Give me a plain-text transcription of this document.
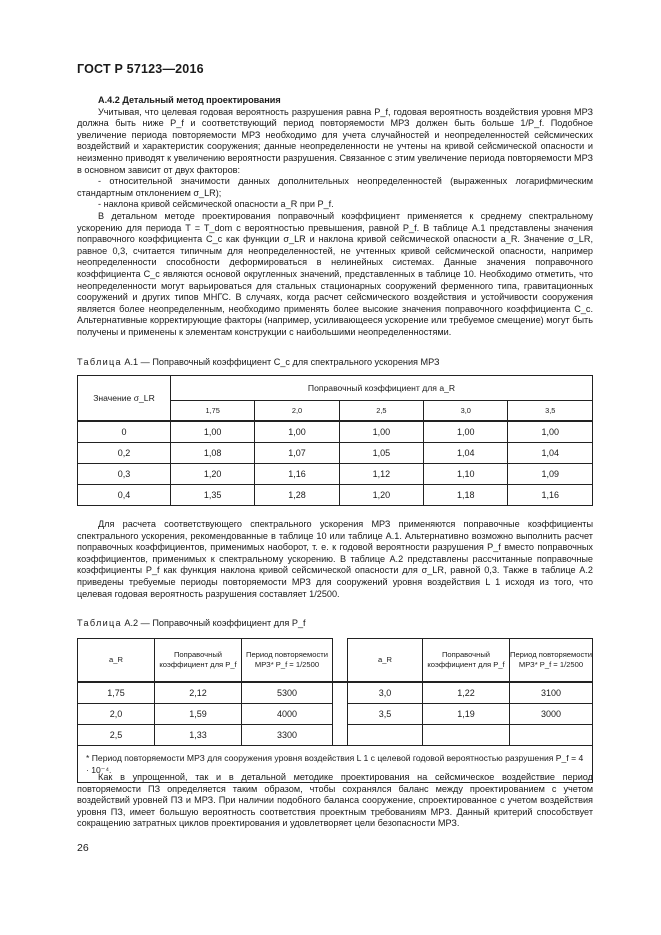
ГОСТ Р 57123—2016

А.4.2 Детальный метод проектирования

Учитывая, что целевая годовая вероятность разрушения равна P_f, годовая вероятность воздействия уровня МРЗ должна быть ниже P_f и соответствующий период повторяемости МРЗ должен быть больше 1/P_f. Подобное увеличение периода повторяемости МРЗ необходимо для учета случайностей и неопределенностей сейсмических воздействий и характеристик сооружения; данные неопределенности не учтены на кривой сейсмической опасности и неизменно приводят к увеличению вероятности разрушения. Связанное с этим увеличение периода повторяемости МРЗ в основном зависит от двух факторов:

- относительной значимости данных дополнительных неопределенностей (выраженных логарифмическим стандартным отклонением σ_LR);

- наклона кривой сейсмической опасности a_R при P_f.

В детальном методе проектирования поправочный коэффициент применяется к среднему спектральному ускорению для периода T = T_dom с вероятностью превышения, равной P_f. В таблице А.1 представлены значения поправочного коэффициента C_c как функции σ_LR и наклона кривой сейсмической опасности a_R. Значение σ_LR, равное 0,3, считается типичным для неопределенностей, не учтенных кривой сейсмической опасности, например неопределенности способности деформироваться в нелинейных системах. Данные значения поправочного коэффициента C_c являются основой округленных значений, представленных в таблице 10. Необходимо отметить, что неопределенности могут варьироваться для стальных стационарных сооружений ферменного типа, гравитационных сооружений и других типов МНГС. В случаях, когда расчет сейсмического воздействия и устойчивости сооружения является более неопределенным, необходимо применять более высокие значения поправочного коэффициента C_c. Альтернативные корректирующие факторы (например, усиливающееся ускорение или требуемое смещение) могут быть получены и применены к элементам конструкции с наибольшими неопределенностями.

Таблица А.1 — Поправочный коэффициент C_c для спектрального ускорения МРЗ
Значение σ_LR	Поправочный коэффициент для a_R				
	1,75	2,0	2,5	3,0	3,5
0	1,00	1,00	1,00	1,00	1,00
0,2	1,08	1,07	1,05	1,04	1,04
0,3	1,20	1,16	1,12	1,10	1,09
0,4	1,35	1,28	1,20	1,18	1,16

Для расчета соответствующего спектрального ускорения МРЗ применяются поправочные коэффициенты спектрального ускорения, рекомендованные в таблице 10 или таблице А.1. Альтернативно возможно выполнить расчет поправочных коэффициентов, применимых наоборот, т. е. к годовой вероятности разрушения P_f вместо поправочных коэффициентов, применимых к спектральному ускорению. В таблице А.2 представлены рассчитанные поправочные коэффициенты P_f как функция наклона кривой сейсмической опасности для σ_LR, равной 0,3. Также в таблице А.2 приведены требуемые периоды повторяемости МРЗ для сооружений уровня воздействия L 1 исходя из того, что целевая годовая вероятность разрушения составляет 1/2500.

Таблица А.2 — Поправочный коэффициент для P_f
a_R	Поправочный коэффициент для P_f	Период повторяемости МРЗ* P_f = 1/2500		a_R	Поправочный коэффициент для P_f	Период повторяемости МРЗ* P_f = 1/2500
1,75	2,12	5300		3,0	1,22	3100
2,0	1,59	4000		3,5	1,19	3000
2,5	1,33	3300				
* Период повторяемости МРЗ для сооружения уровня воздействия L 1 с целевой годовой вероятностью разрушения P_f = 4 · 10⁻⁴.						

Как в упрощенной, так и в детальной методике проектирования на сейсмическое воздействие период повторяемости ПЗ определяется таким образом, чтобы сохранялся баланс между проектированием с учетом воздействий уровней ПЗ и МРЗ. При наличии подобного баланса сооружение, спроектированное с учетом воздействия уровня ПЗ, имеет большую вероятность соответствия проектным требованиям МРЗ. Данный критерий способствует сокращению затратных циклов проектирования и удовлетворяет цели безопасности МРЗ.

26
